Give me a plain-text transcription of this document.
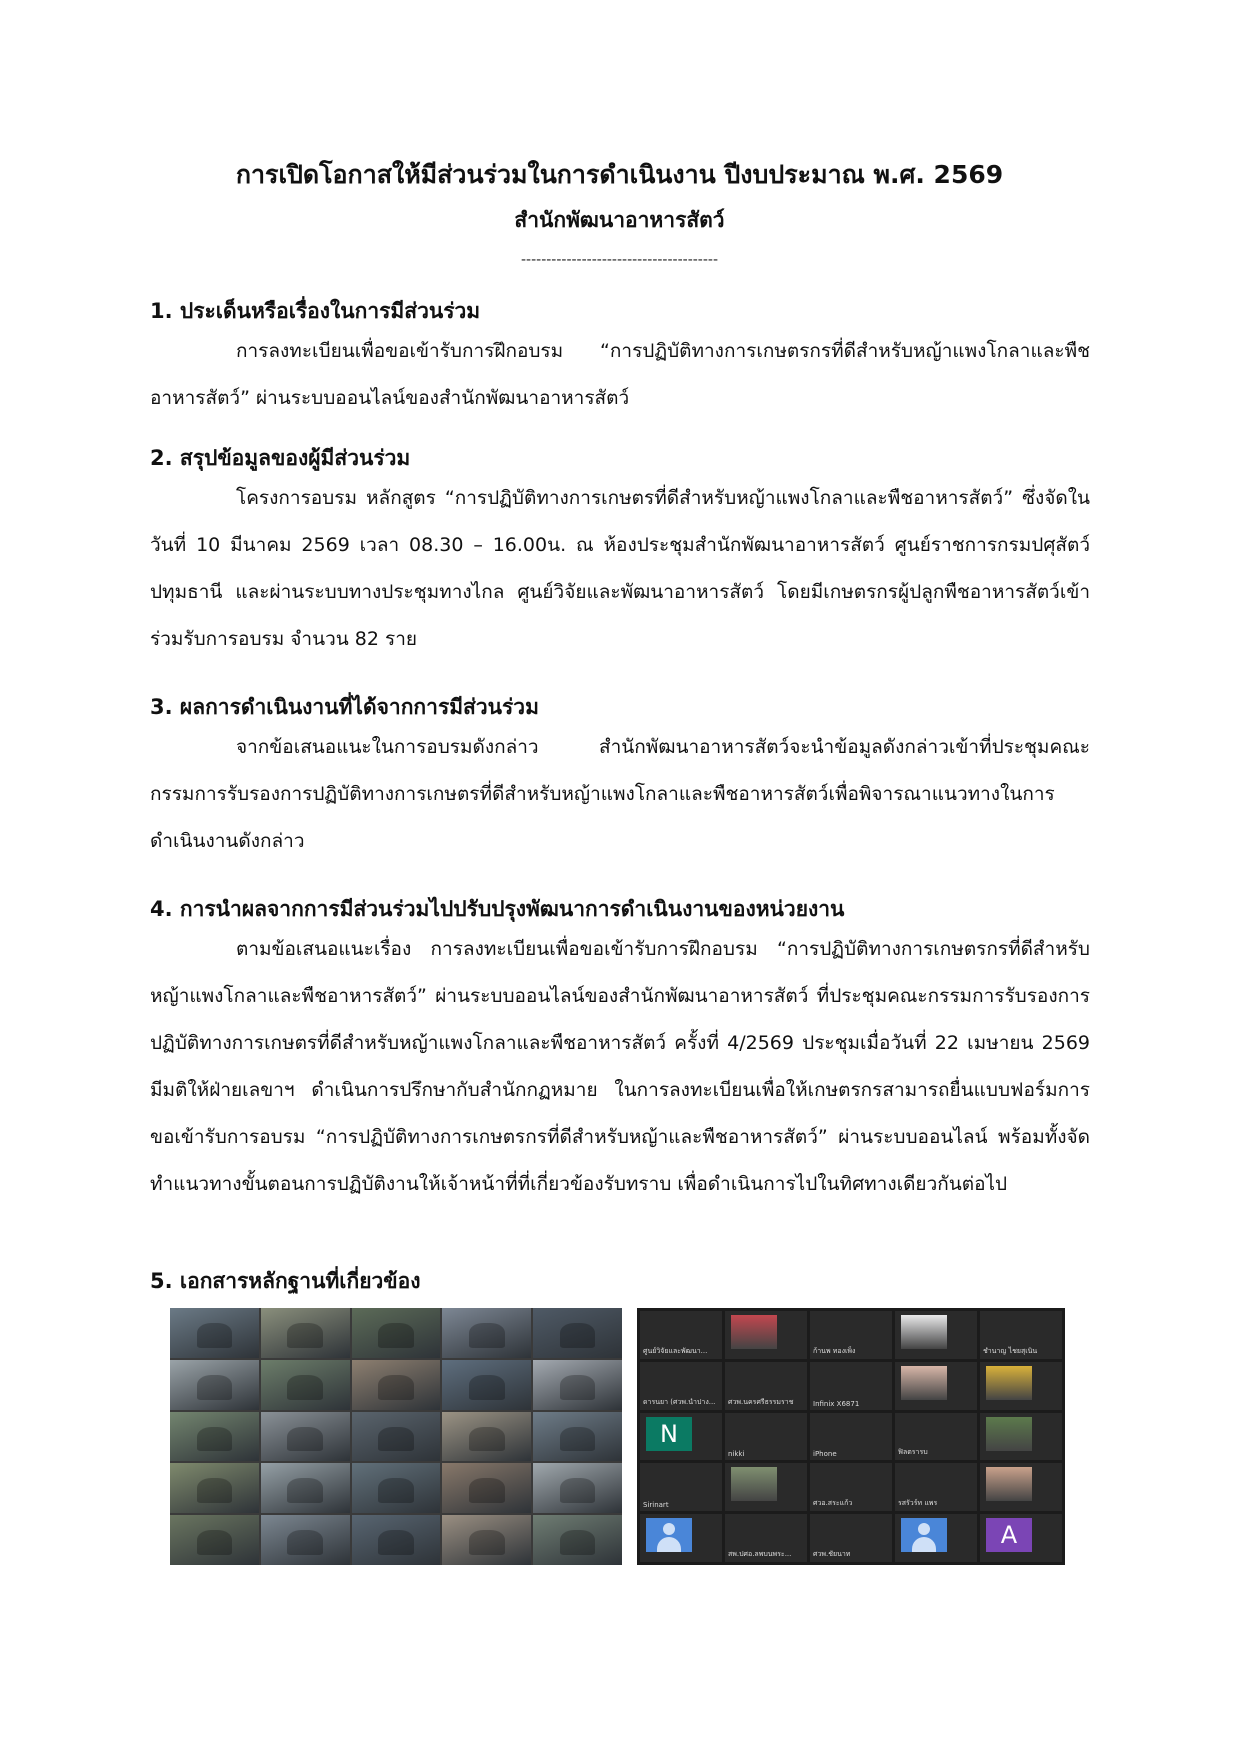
การเปิดโอกาสให้มีส่วนร่วมในการดำเนินงาน ปีงบประมาณ พ.ศ. 2569
สำนักพัฒนาอาหารสัตว์
---------------------------------------
1. ประเด็นหรือเรื่องในการมีส่วนร่วม

การลงทะเบียนเพื่อขอเข้ารับการฝึกอบรม “การปฏิบัติทางการเกษตรกรที่ดีสำหรับหญ้าแพงโกลาและพืชอาหารสัตว์” ผ่านระบบออนไลน์ของสำนักพัฒนาอาหารสัตว์

2. สรุปข้อมูลของผู้มีส่วนร่วม

โครงการอบรม หลักสูตร “การปฏิบัติทางการเกษตรที่ดีสำหรับหญ้าแพงโกลาและพืชอาหารสัตว์” ซึ่งจัดในวันที่ 10 มีนาคม 2569 เวลา 08.30 – 16.00น. ณ ห้องประชุมสำนักพัฒนาอาหารสัตว์ ศูนย์ราชการกรมปศุสัตว์ปทุมธานี และผ่านระบบทางประชุมทางไกล ศูนย์วิจัยและพัฒนาอาหารสัตว์ โดยมีเกษตรกรผู้ปลูกพืชอาหารสัตว์เข้าร่วมรับการอบรม จำนวน 82 ราย

3. ผลการดำเนินงานที่ได้จากการมีส่วนร่วม

จากข้อเสนอแนะในการอบรมดังกล่าว สำนักพัฒนาอาหารสัตว์จะนำข้อมูลดังกล่าวเข้าที่ประชุมคณะกรรมการรับรองการปฏิบัติทางการเกษตรที่ดีสำหรับหญ้าแพงโกลาและพืชอาหารสัตว์เพื่อพิจารณาแนวทางในการดำเนินงานดังกล่าว

4. การนำผลจากการมีส่วนร่วมไปปรับปรุงพัฒนาการดำเนินงานของหน่วยงาน

ตามข้อเสนอแนะเรื่อง การลงทะเบียนเพื่อขอเข้ารับการฝึกอบรม “การปฏิบัติทางการเกษตรกรที่ดีสำหรับหญ้าแพงโกลาและพืชอาหารสัตว์” ผ่านระบบออนไลน์ของสำนักพัฒนาอาหารสัตว์ ที่ประชุมคณะกรรมการรับรองการปฏิบัติทางการเกษตรที่ดีสำหรับหญ้าแพงโกลาและพืชอาหารสัตว์ ครั้งที่ 4/2569 ประชุมเมื่อวันที่ 22 เมษายน 2569 มีมติให้ฝ่ายเลขาฯ ดำเนินการปรึกษากับสำนักกฏหมาย ในการลงทะเบียนเพื่อให้เกษตรกรสามารถยื่นแบบฟอร์มการขอเข้ารับการอบรม “การปฏิบัติทางการเกษตรกรที่ดีสำหรับหญ้าและพืชอาหารสัตว์” ผ่านระบบออนไลน์ พร้อมทั้งจัดทำแนวทางขั้นตอนการปฏิบัติงานให้เจ้าหน้าที่ที่เกี่ยวข้องรับทราบ เพื่อดำเนินการไปในทิศทางเดียวกันต่อไป

5. เอกสารหลักฐานที่เกี่ยวข้อง
ศูนย์วิจัยและพัฒนา...	ก้านพ ทองเพ็ง	ชำนาญ ไชยสุเนิน
ดารนยา (ศวพ.นำปาง... ศวพ.นครศรีธรรมราช	Infinix X6871
N
nikki	iPhone	ฟิลตรารบ
Sirinart	ศวอ.สระแก้ว	รสรัวร์ท แพร
สพ.ปศอ.ลพบนพระ...	ศวพ.ชัยนาท
A
